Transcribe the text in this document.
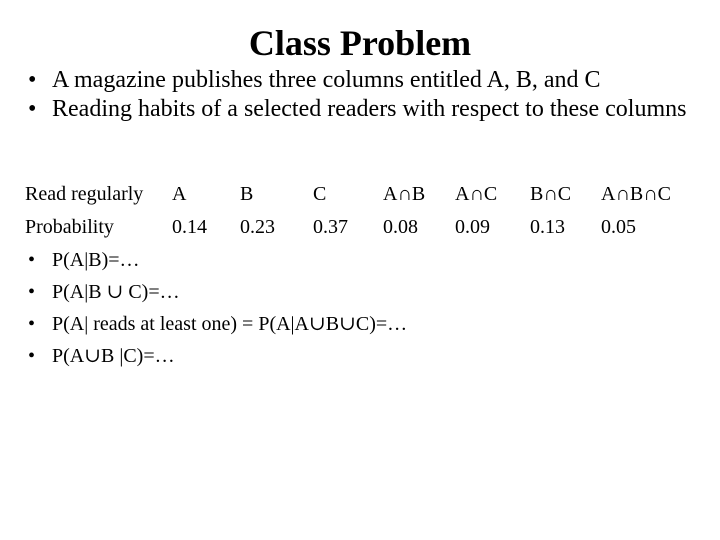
Class Problem
• A magazine publishes three columns entitled A, B, and C
• Reading habits of a selected readers with respect to these columns
Read regularly A	B	C	A∩B A∩C B∩C A∩B∩C
Probability	0.14 0.23 0.37 0.08 0.09 0.13 0.05
• P(A|B)=…
• P(A|B ∪ C)=…
• P(A| reads at least one) = P(A|A∪B∪C)=…
• P(A∪B |C)=…
